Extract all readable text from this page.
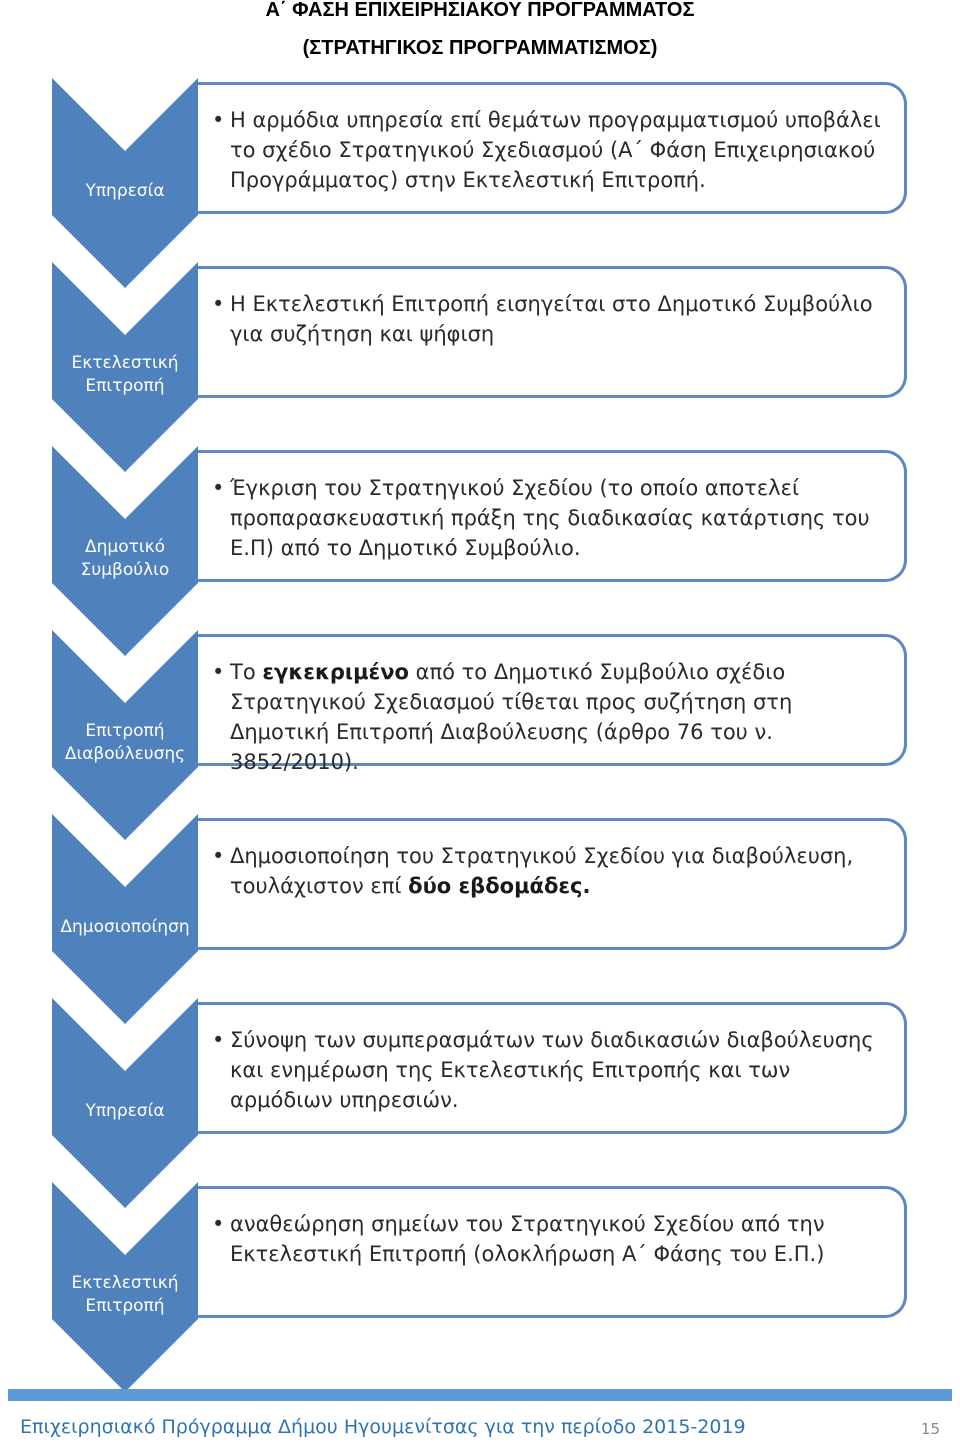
Α΄ ΦΑΣΗ ΕΠΙΧΕΙΡΗΣΙΑΚΟΥ ΠΡΟΓΡΑΜΜΑΤΟΣ
(ΣΤΡΑΤΗΓΙΚΟΣ ΠΡΟΓΡΑΜΜΑΤΙΣΜΟΣ)
Υπηρεσία
• Η αρμόδια υπηρεσία επί θεμάτων προγραμματισμού υποβάλει το σχέδιο Στρατηγικού Σχεδιασμού (Α΄ Φάση Επιχειρησιακού Προγράμματος) στην Εκτελεστική Επιτροπή.
Εκτελεστική
Επιτροπή
• Η Εκτελεστική Επιτροπή εισηγείται στο Δημοτικό Συμβούλιο για συζήτηση και ψήφιση
Δημοτικό
Συμβούλιο
• Έγκριση του Στρατηγικού Σχεδίου (το οποίο αποτελεί προπαρασκευαστική πράξη της διαδικασίας κατάρτισης του Ε.Π) από το Δημοτικό Συμβούλιο.
Επιτροπή
Διαβούλευσης
• Το εγκεκριμένο από το Δημοτικό Συμβούλιο σχέδιο Στρατηγικού Σχεδιασμού τίθεται προς συζήτηση στη Δημοτική Επιτροπή Διαβούλευσης (άρθρο 76 του ν. 3852/2010).
Δημοσιοποίηση
• Δημοσιοποίηση του Στρατηγικού Σχεδίου για διαβούλευση, τουλάχιστον επί δύο εβδομάδες.
Υπηρεσία
• Σύνοψη των συμπερασμάτων των διαδικασιών διαβούλευσης και ενημέρωση της Εκτελεστικής Επιτροπής και των αρμόδιων υπηρεσιών.
Εκτελεστική
Επιτροπή
• αναθεώρηση σημείων του Στρατηγικού Σχεδίου από την Εκτελεστική Επιτροπή (ολοκλήρωση Α΄ Φάσης του Ε.Π.)
Επιχειρησιακό Πρόγραμμα Δήμου Ηγουμενίτσας για την περίοδο 2015-2019	15
